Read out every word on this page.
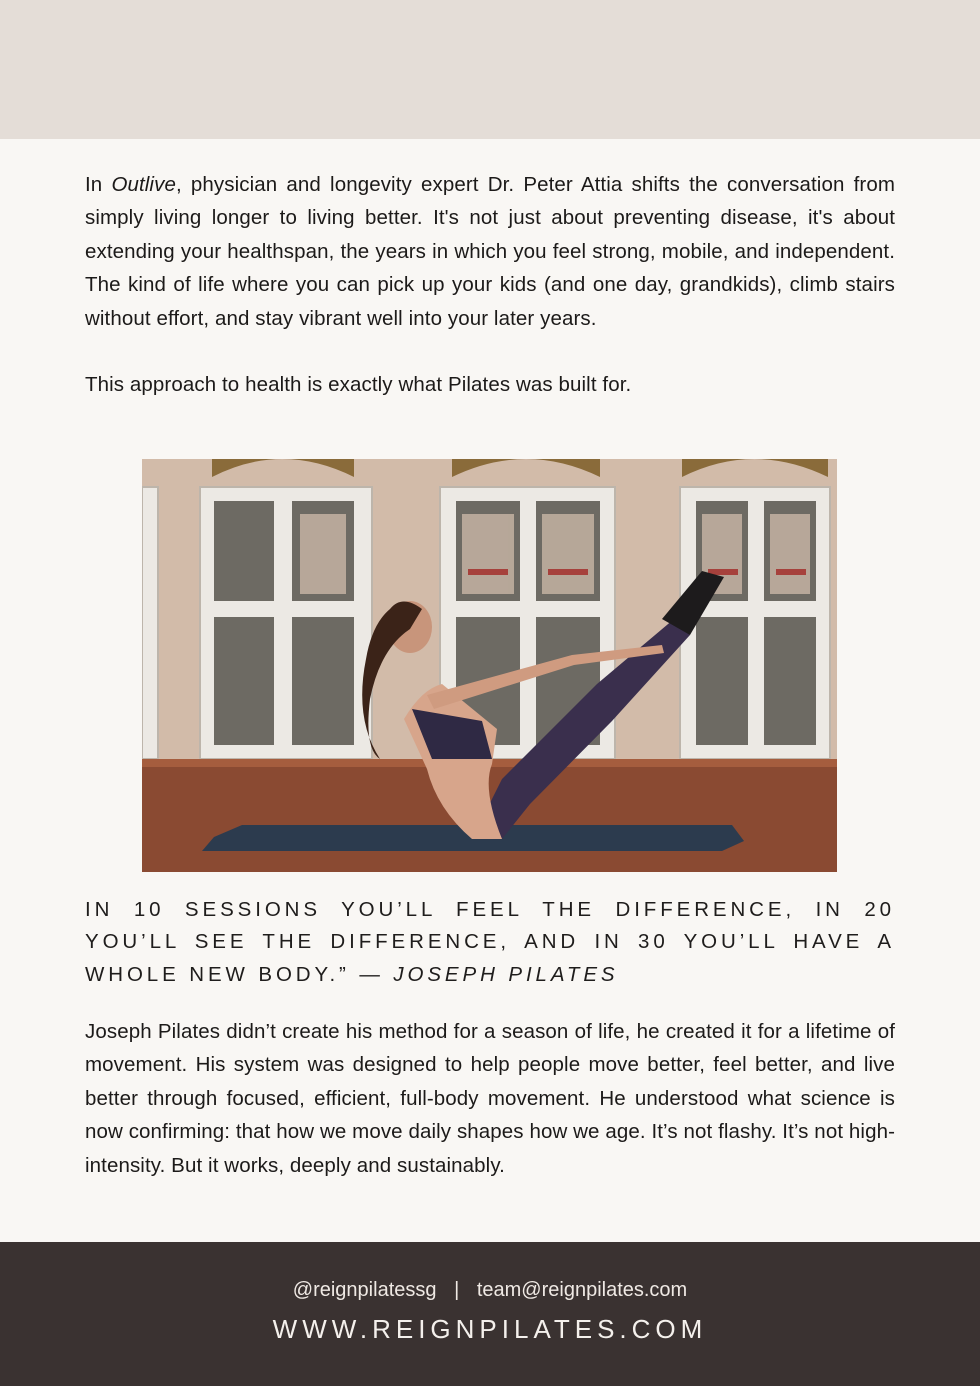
In Outlive, physician and longevity expert Dr. Peter Attia shifts the conversation from simply living longer to living better. It's not just about preventing disease, it's about extending your healthspan, the years in which you feel strong, mobile, and independent. The kind of life where you can pick up your kids (and one day, grandkids), climb stairs without effort, and stay vibrant well into your later years.

This approach to health is exactly what Pilates was built for.

IN 10 SESSIONS YOU’LL FEEL THE DIFFERENCE, IN 20 YOU’LL SEE THE DIFFERENCE, AND IN 30 YOU’LL HAVE A WHOLE NEW BODY.” — JOSEPH PILATES

Joseph Pilates didn’t create his method for a season of life, he created it for a lifetime of movement. His system was designed to help people move better, feel better, and live better through focused, efficient, full-body movement. He understood what science is now confirming: that how we move daily shapes how we age. It’s not flashy. It’s not high-intensity. But it works, deeply and sustainably.

@reignpilatessg | team@reignpilates.com
WWW.REIGNPILATES.COM
